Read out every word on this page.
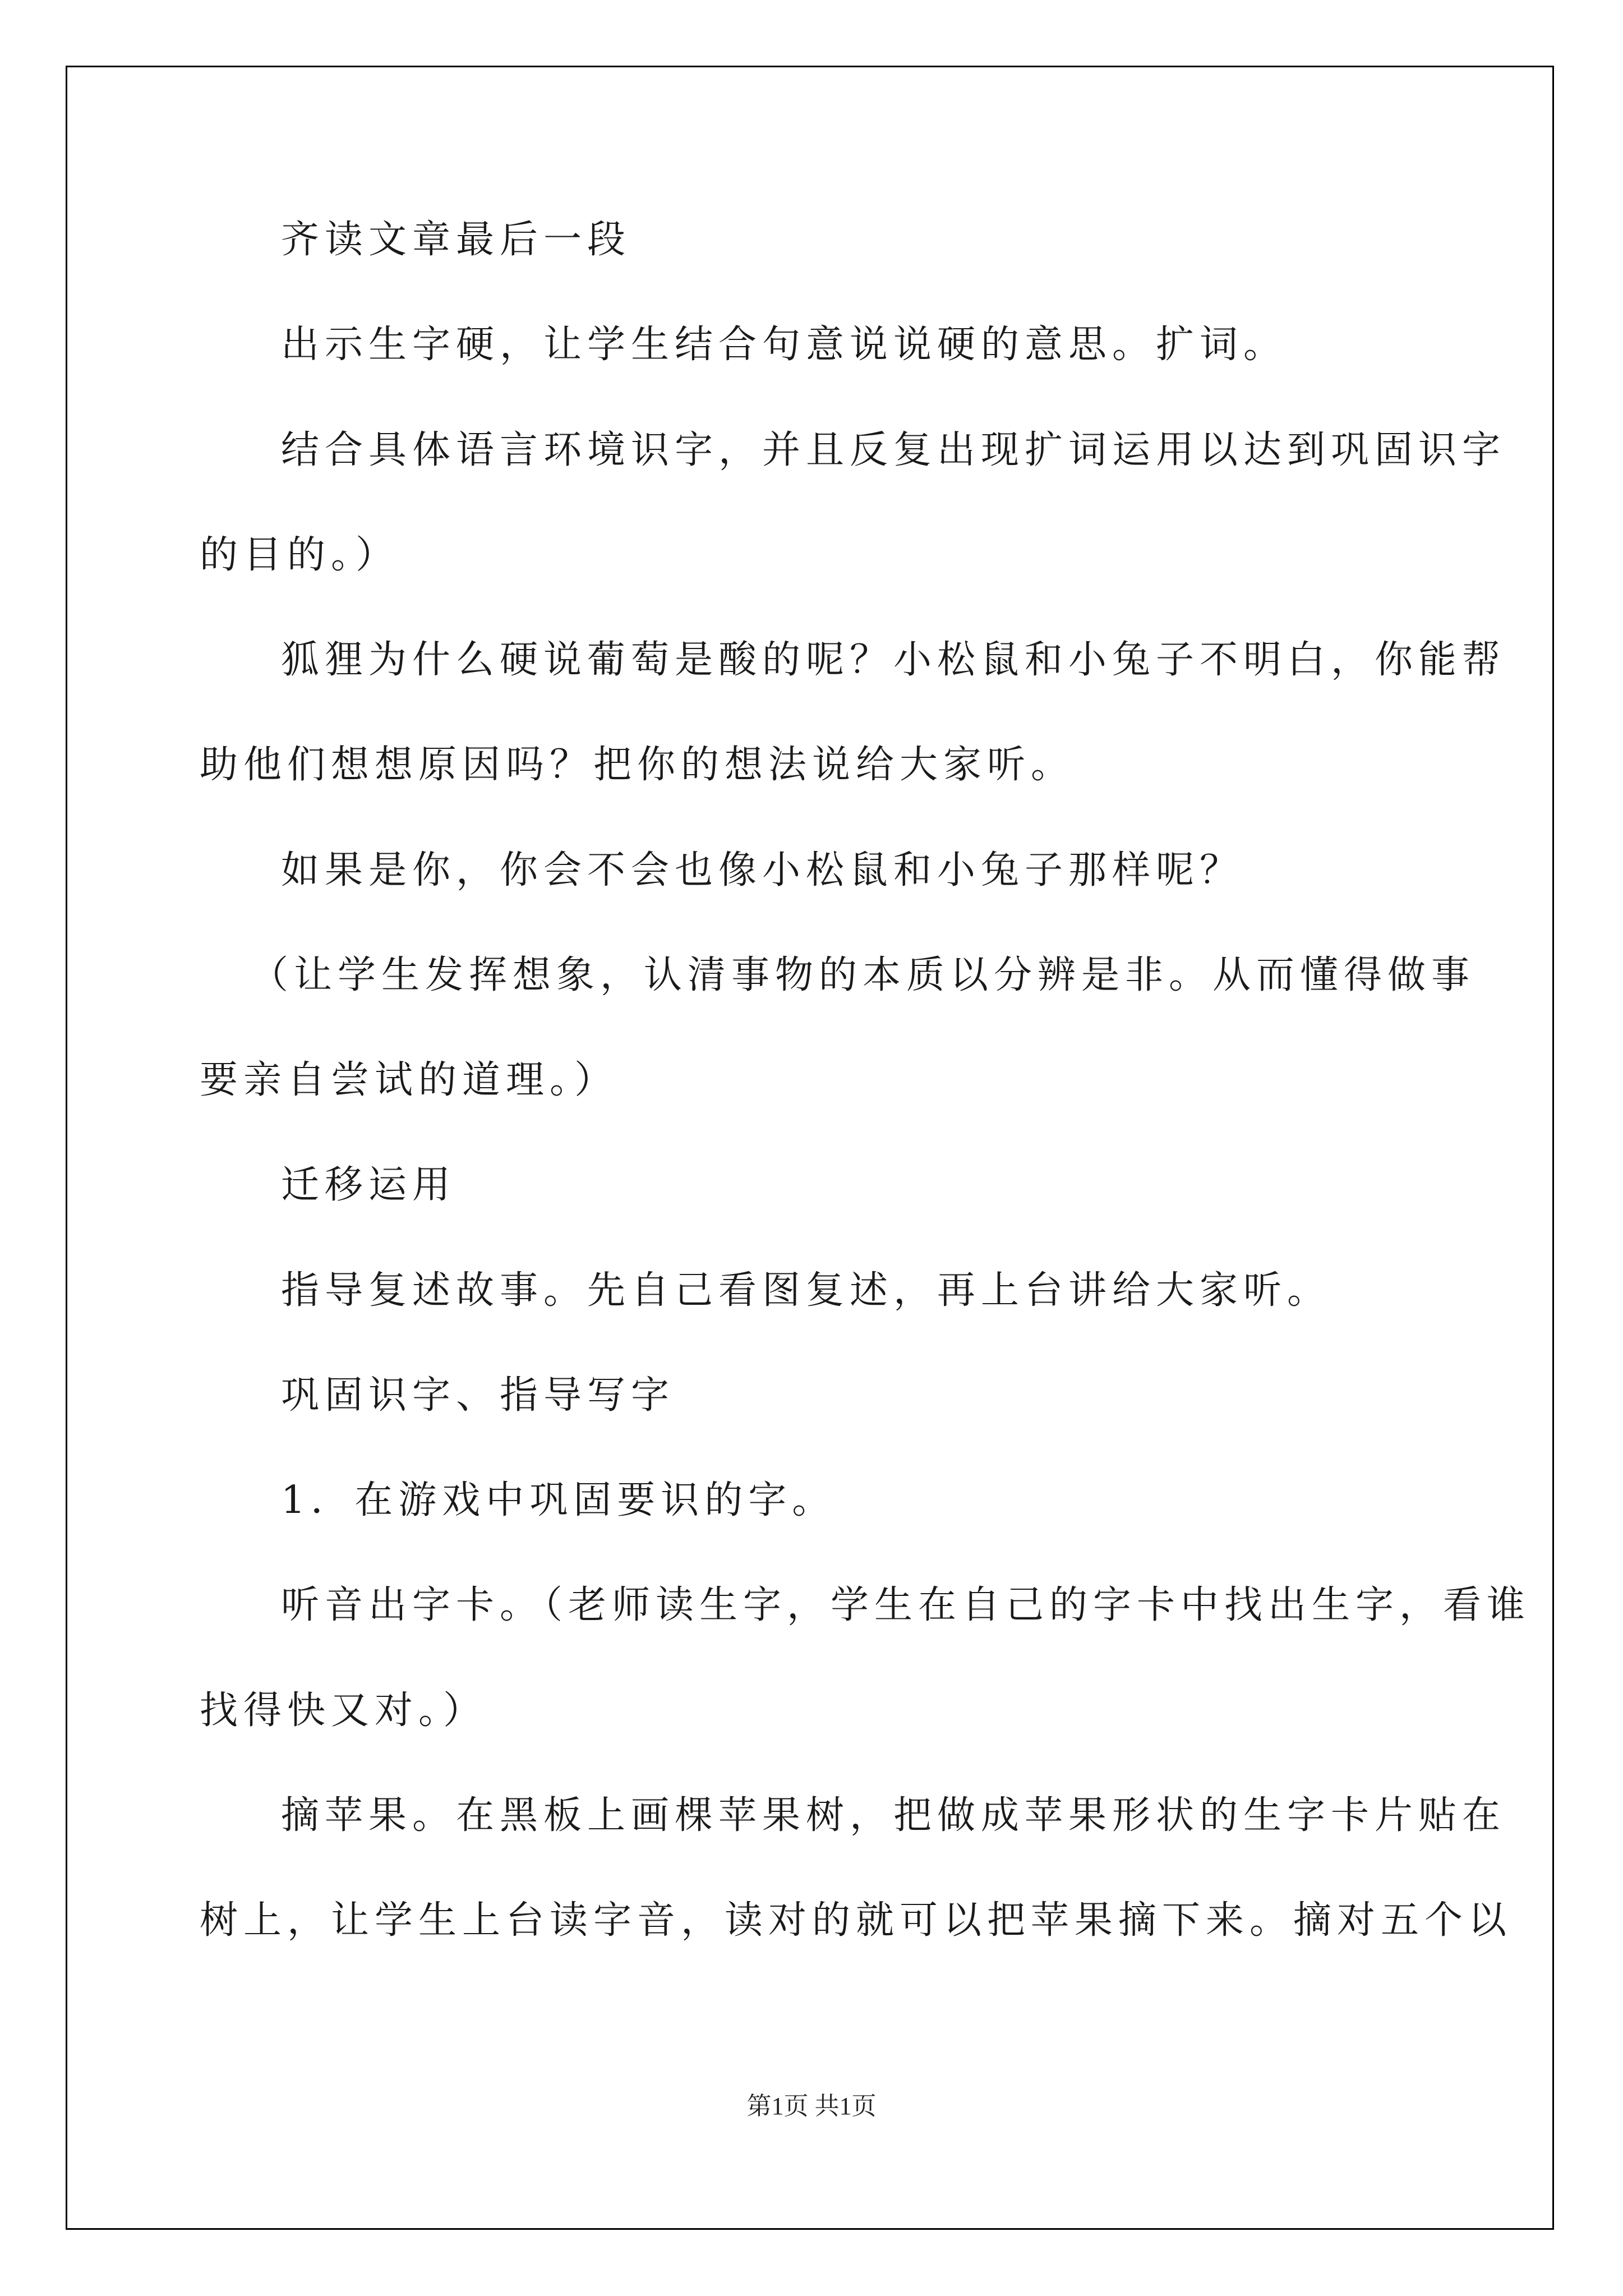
齐读文章最后一段
出示生字硬，让学生结合句意说说硬的意思。扩词。
结合具体语言环境识字，并且反复出现扩词运用以达到巩固识字
的目的。）
狐狸为什么硬说葡萄是酸的呢？小松鼠和小兔子不明白，你能帮
助他们想想原因吗？把你的想法说给大家听。
如果是你，你会不会也像小松鼠和小兔子那样呢？
（让学生发挥想象，认清事物的本质以分辨是非。从而懂得做事
要亲自尝试的道理。）
迁移运用
指导复述故事。先自己看图复述，再上台讲给大家听。
巩固识字、指导写字
1．在游戏中巩固要识的字。
听音出字卡。（老师读生字，学生在自己的字卡中找出生字，看谁
找得快又对。）
摘苹果。在黑板上画棵苹果树，把做成苹果形状的生字卡片贴在
树上，让学生上台读字音，读对的就可以把苹果摘下来。摘对五个以
第1页 共1页
